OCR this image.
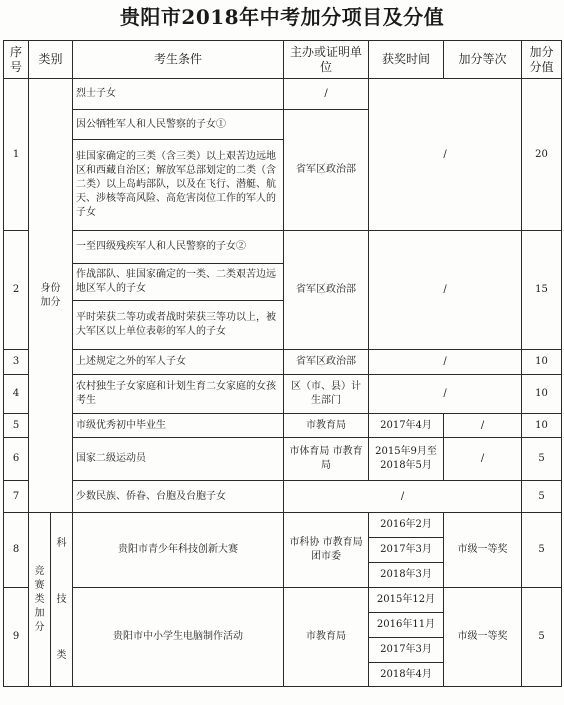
贵阳市2018年中考加分项目及分值
序号	类别		考生条件	主办或证明单位	获奖时间	加分等次	加分分值
1	身份加分		烈士子女	/	/		20
			因公牺牲军人和人民警察的子女①	省军区政治部			
			驻国家确定的三类（含三类）以上艰苦边远地区和西藏自治区；解放军总部划定的二类（含二类）以上岛屿部队，以及在飞行、潜艇、航天、涉核等高风险、高危害岗位工作的军人的子女				
2			一至四级残疾军人和人民警察的子女②	省军区政治部	/		15
			作战部队、驻国家确定的一类、二类艰苦边远地区军人的子女				
			平时荣获二等功或者战时荣获三等功以上，被大军区以上单位表彰的军人的子女				
3			上述规定之外的军人子女	省军区政治部	/		10
4			农村独生子女家庭和计划生育二女家庭的女孩考生	区（市、县）计生部门	/		10
5			市级优秀初中毕业生	市教育局	2017年4月	/	10
6			国家二级运动员	市体育局 市教育局	2015年9月至2018年5月	/	5
7			少数民族、侨眷、台胞及台胞子女	/			5
8	竞赛类加分	科技类	贵阳市青少年科技创新大赛	市科协 市教育局 团市委	2016年2月	市级一等奖	5
					2017年3月		
					2018年3月		
9			贵阳市中小学生电脑制作活动	市教育局	2015年12月	市级一等奖	5
					2016年11月		
					2017年3月		
					2018年4月		
